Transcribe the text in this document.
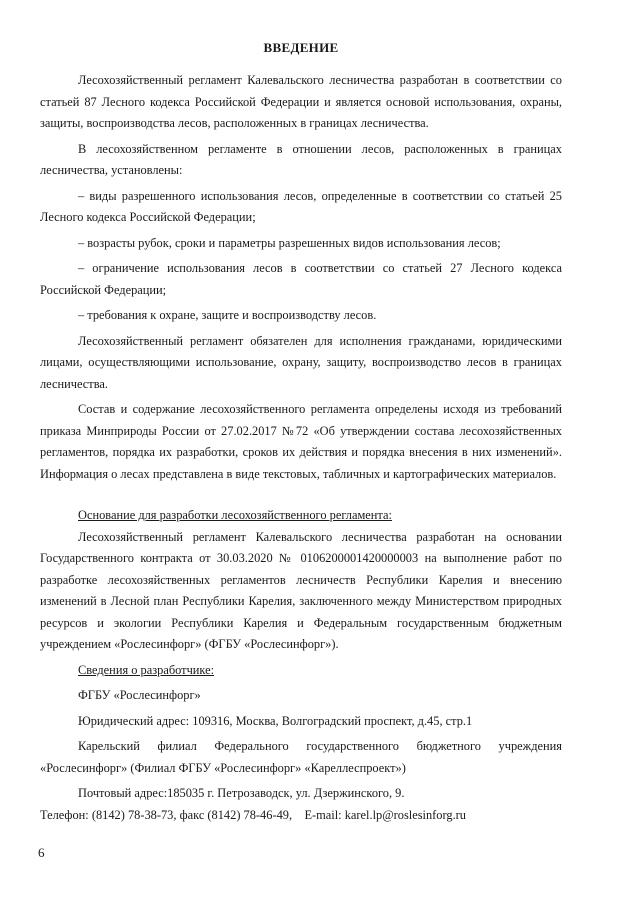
ВВЕДЕНИЕ

Лесохозяйственный регламент Калевальского лесничества разработан в соответствии со статьей 87 Лесного кодекса Российской Федерации и является основой использования, охраны, защиты, воспроизводства лесов, расположенных в границах лесничества.

В лесохозяйственном регламенте в отношении лесов, расположенных в границах лесничества, установлены:

– виды разрешенного использования лесов, определенные в соответствии со статьей 25 Лесного кодекса Российской Федерации;

– возрасты рубок, сроки и параметры разрешенных видов использования лесов;

– ограничение использования лесов в соответствии со статьей 27 Лесного кодекса Российской Федерации;

– требования к охране, защите и воспроизводству лесов.

Лесохозяйственный регламент обязателен для исполнения гражданами, юридическими лицами, осуществляющими использование, охрану, защиту, воспроизводство лесов в границах лесничества.

Состав и содержание лесохозяйственного регламента определены исходя из требований приказа Минприроды России от 27.02.2017 №72 «Об утверждении состава лесохозяйственных регламентов, порядка их разработки, сроков их действия и порядка внесения в них изменений». Информация о лесах представлена в виде текстовых, табличных и картографических материалов.

Основание для разработки лесохозяйственного регламента:

Лесохозяйственный регламент Калевальского лесничества разработан на основании Государственного контракта от 30.03.2020 № 0106200001420000003 на выполнение работ по разработке лесохозяйственных регламентов лесничеств Республики Карелия и внесению изменений в Лесной план Республики Карелия, заключенного между Министерством природных ресурсов и экологии Республики Карелия и Федеральным государственным бюджетным учреждением «Рослесинфорг» (ФГБУ «Рослесинфорг»).

Сведения о разработчике:

ФГБУ «Рослесинфорг»

Юридический адрес: 109316, Москва, Волгоградский проспект, д.45, стр.1

Карельский филиал Федерального государственного бюджетного учреждения «Рослесинфорг» (Филиал ФГБУ «Рослесинфорг» «Кареллеспроект»)

Почтовый адрес:185035 г. Петрозаводск, ул. Дзержинского, 9.

Телефон: (8142) 78-38-73, факс (8142) 78-46-49,    E-mail: karel.lp@roslesinforg.ru

6
